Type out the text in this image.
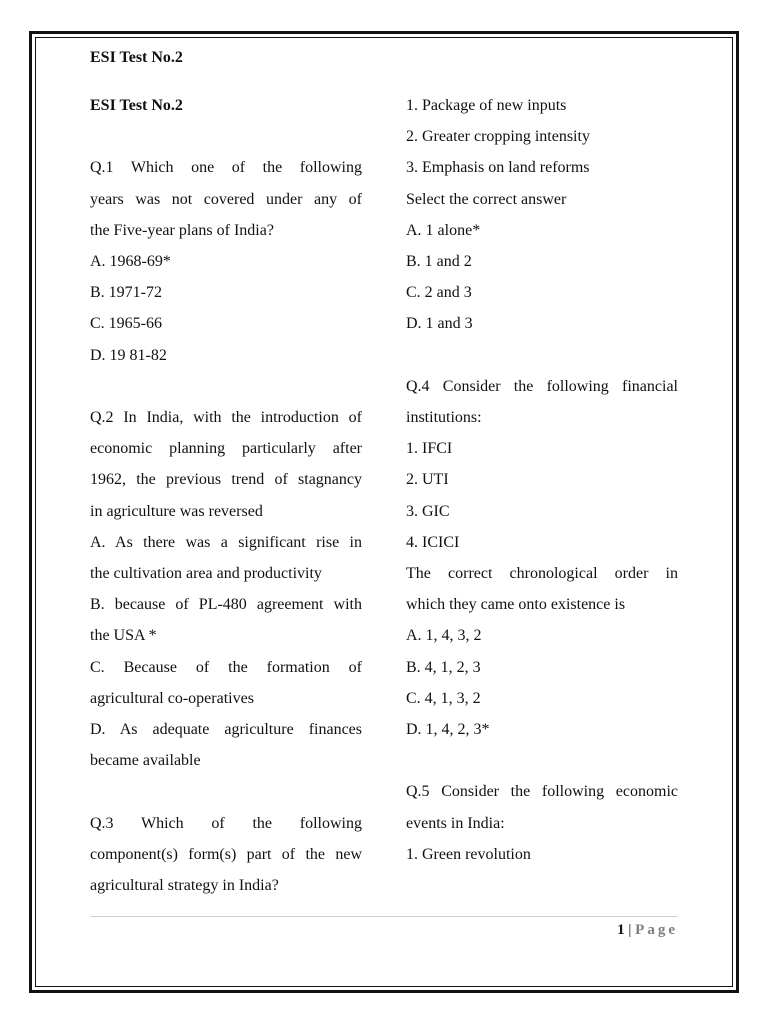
ESI Test No.2

ESI Test No.2

Q.1 Which one of the following

years was not covered under any of

the Five-year plans of India?

A. 1968-69*

B. 1971-72

C. 1965-66

D. 19 81-82

Q.2 In India, with the introduction of

economic planning particularly after

1962, the previous trend of stagnancy

in agriculture was reversed

A. As there was a significant rise in

the cultivation area and productivity

B. because of PL-480 agreement with

the USA *

C. Because of the formation of

agricultural co-operatives

D. As adequate agriculture finances

became available

Q.3 Which of the following

component(s) form(s) part of the new

agricultural strategy in India?

1. Package of new inputs

2. Greater cropping intensity

3. Emphasis on land reforms

Select the correct answer

A. 1 alone*

B. 1 and 2

C. 2 and 3

D. 1 and 3

Q.4 Consider the following financial

institutions:

1. IFCI

2. UTI

3. GIC

4. ICICI

The correct chronological order in

which they came onto existence is

A. 1, 4, 3, 2

B. 4, 1, 2, 3

C. 4, 1, 3, 2

D. 1, 4, 2, 3*

Q.5 Consider the following economic

events in India:

1. Green revolution

1 | Page
